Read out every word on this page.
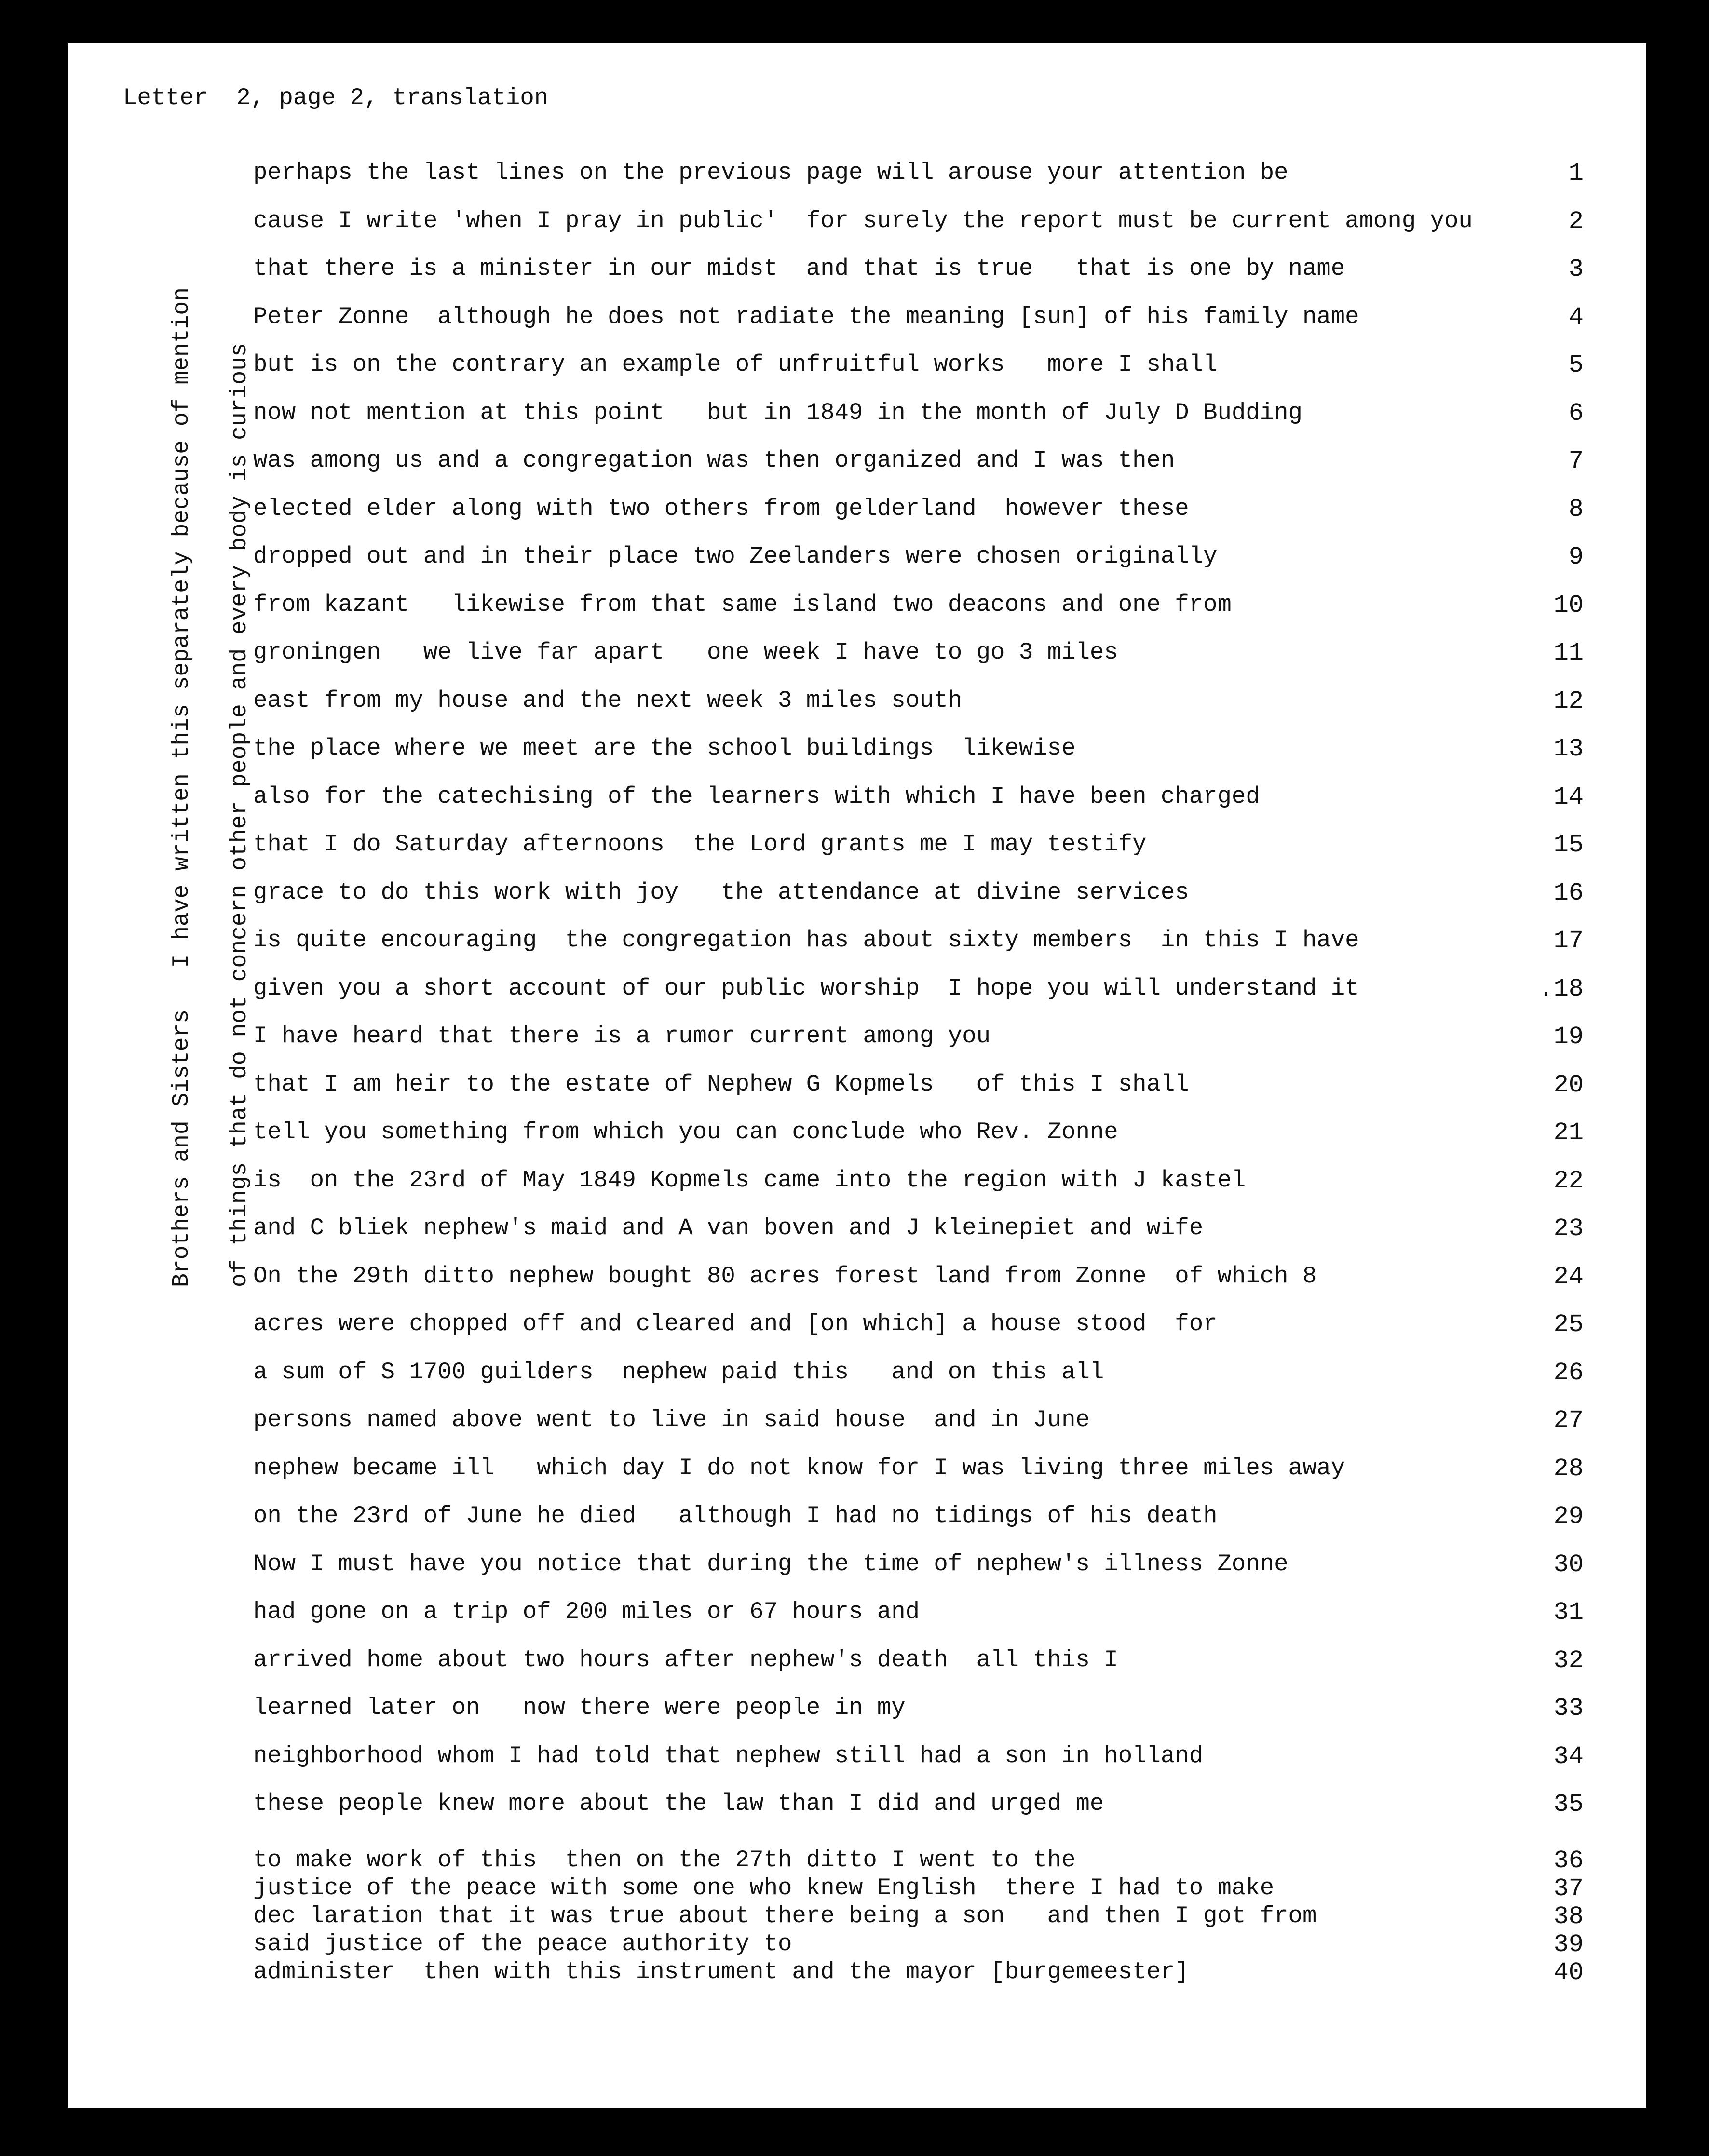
Letter  2, page 2, translation
Brothers and Sisters   I have written this separately because of mention of things that do not concern other people and every body is curious
perhaps the last lines on the previous page will arouse your attention be	1
cause I write 'when I pray in public'  for surely the report must be current among you	2
that there is a minister in our midst  and that is true   that is one by name	3
Peter Zonne  although he does not radiate the meaning [sun] of his family name	4
but is on the contrary an example of unfruitful works   more I shall	5
now not mention at this point   but in 1849 in the month of July D Budding	6
was among us and a congregation was then organized and I was then	7
elected elder along with two others from gelderland  however these	8
dropped out and in their place two Zeelanders were chosen originally	9
from kazant   likewise from that same island two deacons and one from	10
groningen   we live far apart   one week I have to go 3 miles	11
east from my house and the next week 3 miles south	12
the place where we meet are the school buildings  likewise	13
also for the catechising of the learners with which I have been charged	14
that I do Saturday afternoons  the Lord grants me I may testify	15
grace to do this work with joy   the attendance at divine services	16
is quite encouraging  the congregation has about sixty members  in this I have	17
given you a short account of our public worship  I hope you will understand it	.18
I have heard that there is a rumor current among you	19
that I am heir to the estate of Nephew G Kopmels   of this I shall	20
tell you something from which you can conclude who Rev. Zonne	21
is  on the 23rd of May 1849 Kopmels came into the region with J kastel	22
and C bliek nephew's maid and A van boven and J kleinepiet and wife	23
On the 29th ditto nephew bought 80 acres forest land from Zonne  of which 8	24
acres were chopped off and cleared and [on which] a house stood  for	25
a sum of S 1700 guilders  nephew paid this   and on this all	26
persons named above went to live in said house  and in June	27
nephew became ill   which day I do not know for I was living three miles away	28
on the 23rd of June he died   although I had no tidings of his death	29
Now I must have you notice that during the time of nephew's illness Zonne	30
had gone on a trip of 200 miles or 67 hours and	31
arrived home about two hours after nephew's death  all this I	32
learned later on   now there were people in my	33
neighborhood whom I had told that nephew still had a son in holland	34
these people knew more about the law than I did and urged me	35
to make work of this  then on the 27th ditto I went to the	36
justice of the peace with some one who knew English  there I had to make	37
dec laration that it was true about there being a son   and then I got from	38
said justice of the peace authority to	39
administer  then with this instrument and the mayor [burgemeester]	40
